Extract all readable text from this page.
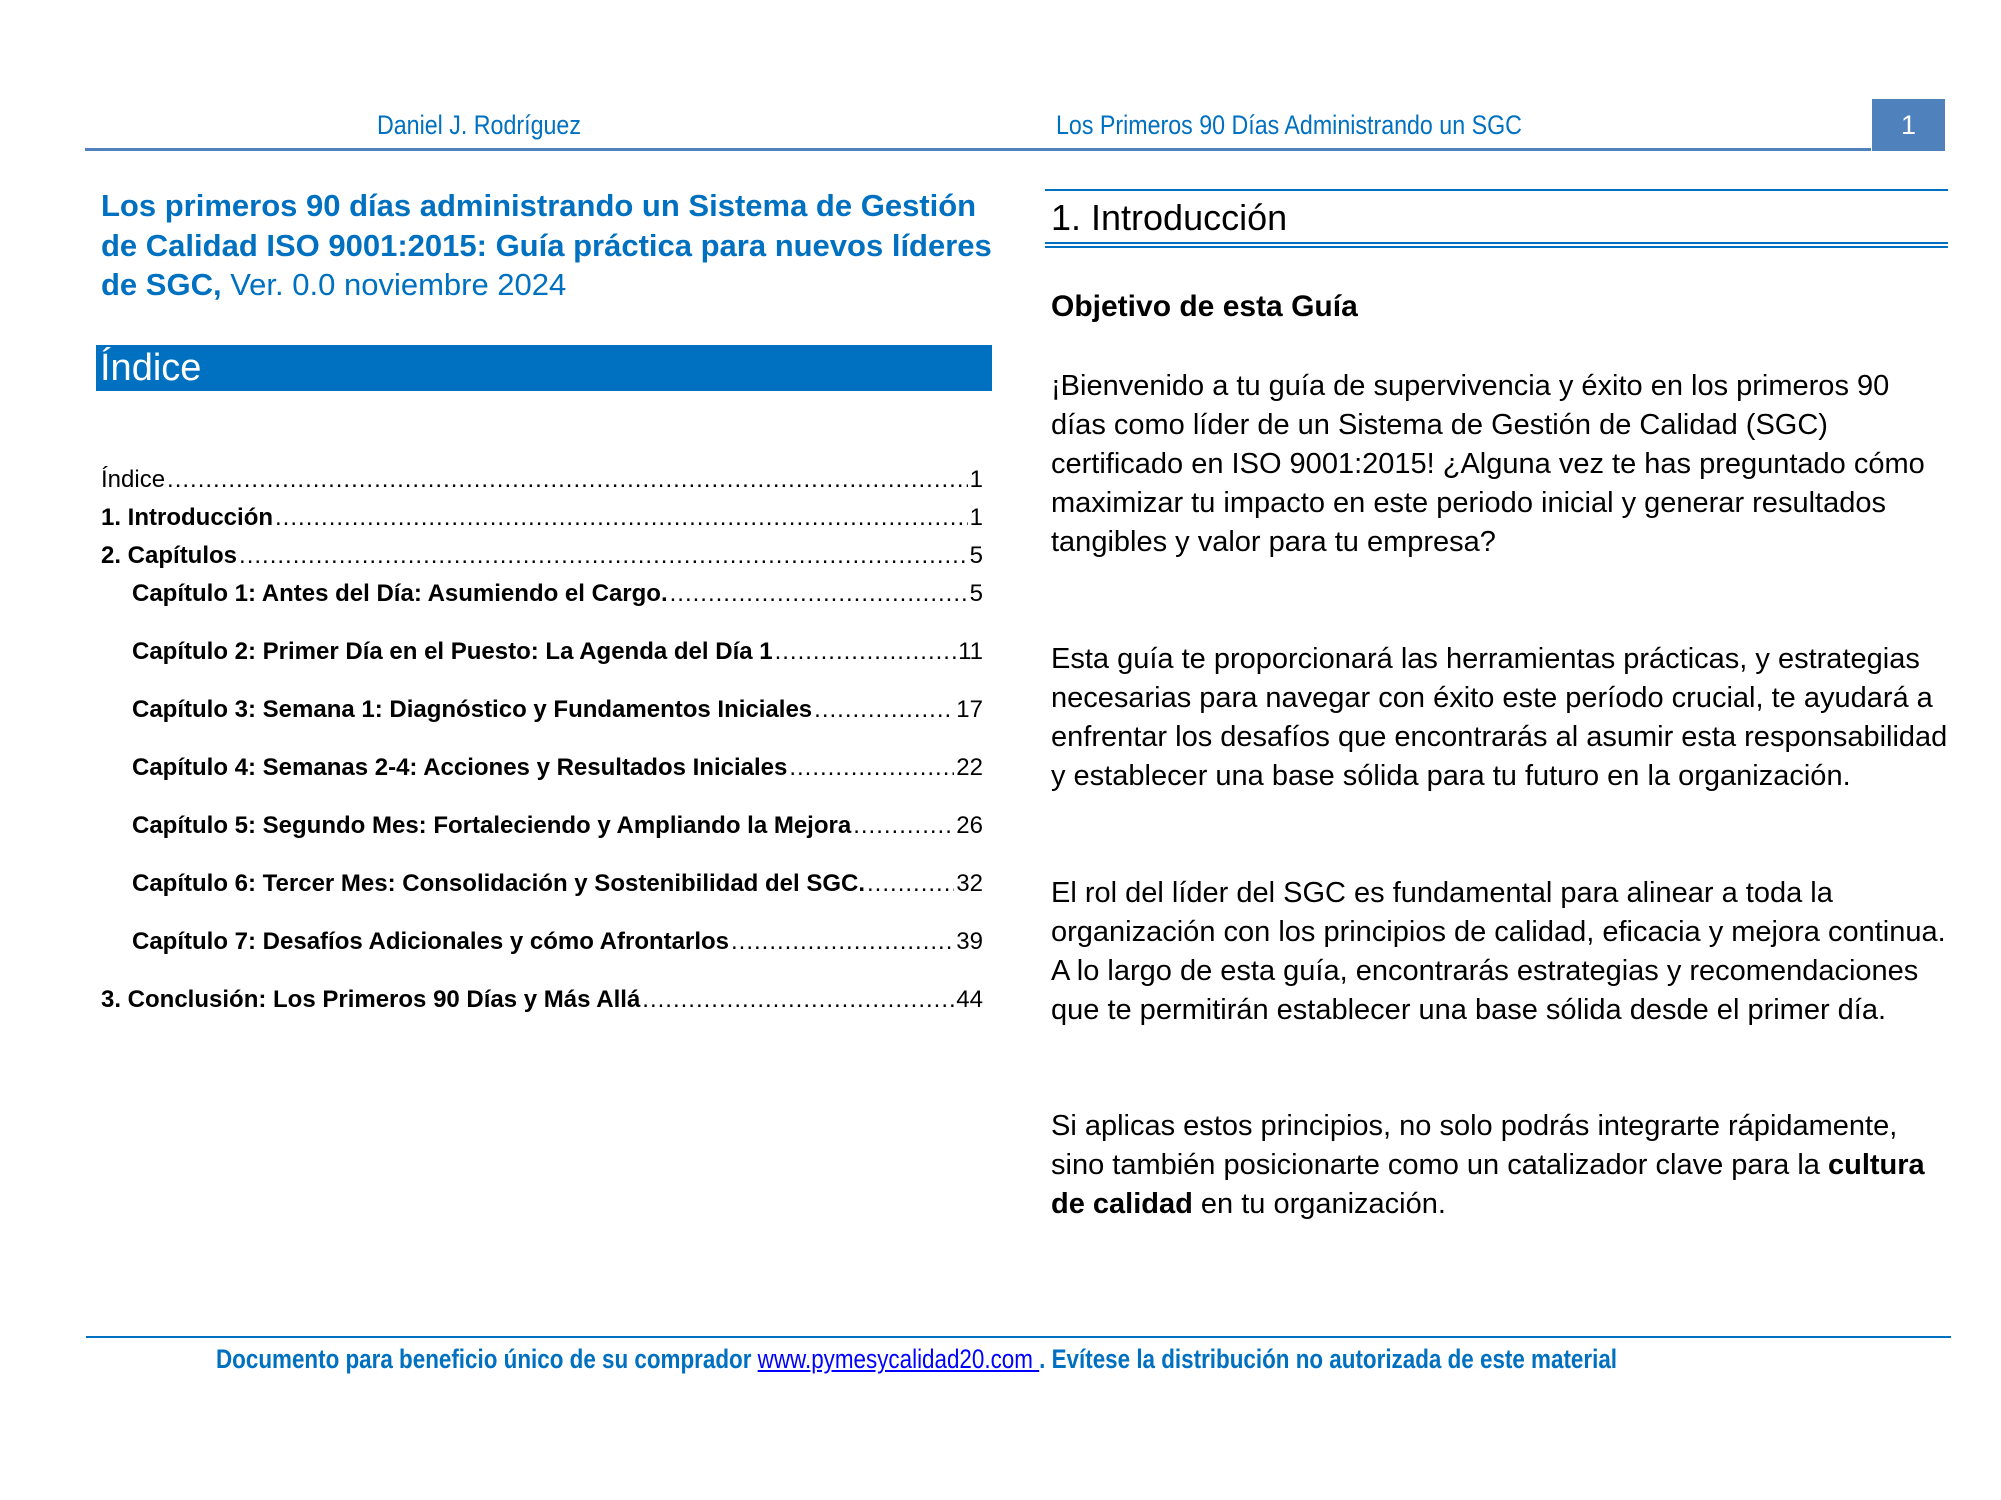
Daniel J. Rodríguez	Los Primeros 90 Días Administrando un SGC	1
Los primeros 90 días administrando un Sistema de Gestión de Calidad ISO 9001:2015: Guía práctica para nuevos líderes de SGC, Ver. 0.0 noviembre 2024
Índice
Índice .....	1
1. Introducción .....	1
2. Capítulos .....	5
Capítulo 1: Antes del Día: Asumiendo el Cargo. .....	5
Capítulo 2: Primer Día en el Puesto: La Agenda del Día 1 .....	11
Capítulo 3: Semana 1: Diagnóstico y Fundamentos Iniciales .....	17
Capítulo 4: Semanas 2-4: Acciones y Resultados Iniciales .....	22
Capítulo 5: Segundo Mes: Fortaleciendo y Ampliando la Mejora .....	26
Capítulo 6: Tercer Mes: Consolidación y Sostenibilidad del SGC. .....	32
Capítulo 7: Desafíos Adicionales y cómo Afrontarlos .....	39
3. Conclusión: Los Primeros 90 Días y Más Allá .....	44
1. Introducción
Objetivo de esta Guía
¡Bienvenido a tu guía de supervivencia y éxito en los primeros 90 días como líder de un Sistema de Gestión de Calidad (SGC) certificado en ISO 9001:2015! ¿Alguna vez te has preguntado cómo maximizar tu impacto en este periodo inicial y generar resultados tangibles y valor para tu empresa?
Esta guía te proporcionará las herramientas prácticas, y estrategias necesarias para navegar con éxito este período crucial, te ayudará a enfrentar los desafíos que encontrarás al asumir esta responsabilidad y establecer una base sólida para tu futuro en la organización.
El rol del líder del SGC es fundamental para alinear a toda la organización con los principios de calidad, eficacia y mejora continua. A lo largo de esta guía, encontrarás estrategias y recomendaciones que te permitirán establecer una base sólida desde el primer día.
Si aplicas estos principios, no solo podrás integrarte rápidamente, sino también posicionarte como un catalizador clave para la cultura de calidad en tu organización.
Documento para beneficio único de su comprador www.pymesycalidad20.com . Evítese la distribución no autorizada de este material
